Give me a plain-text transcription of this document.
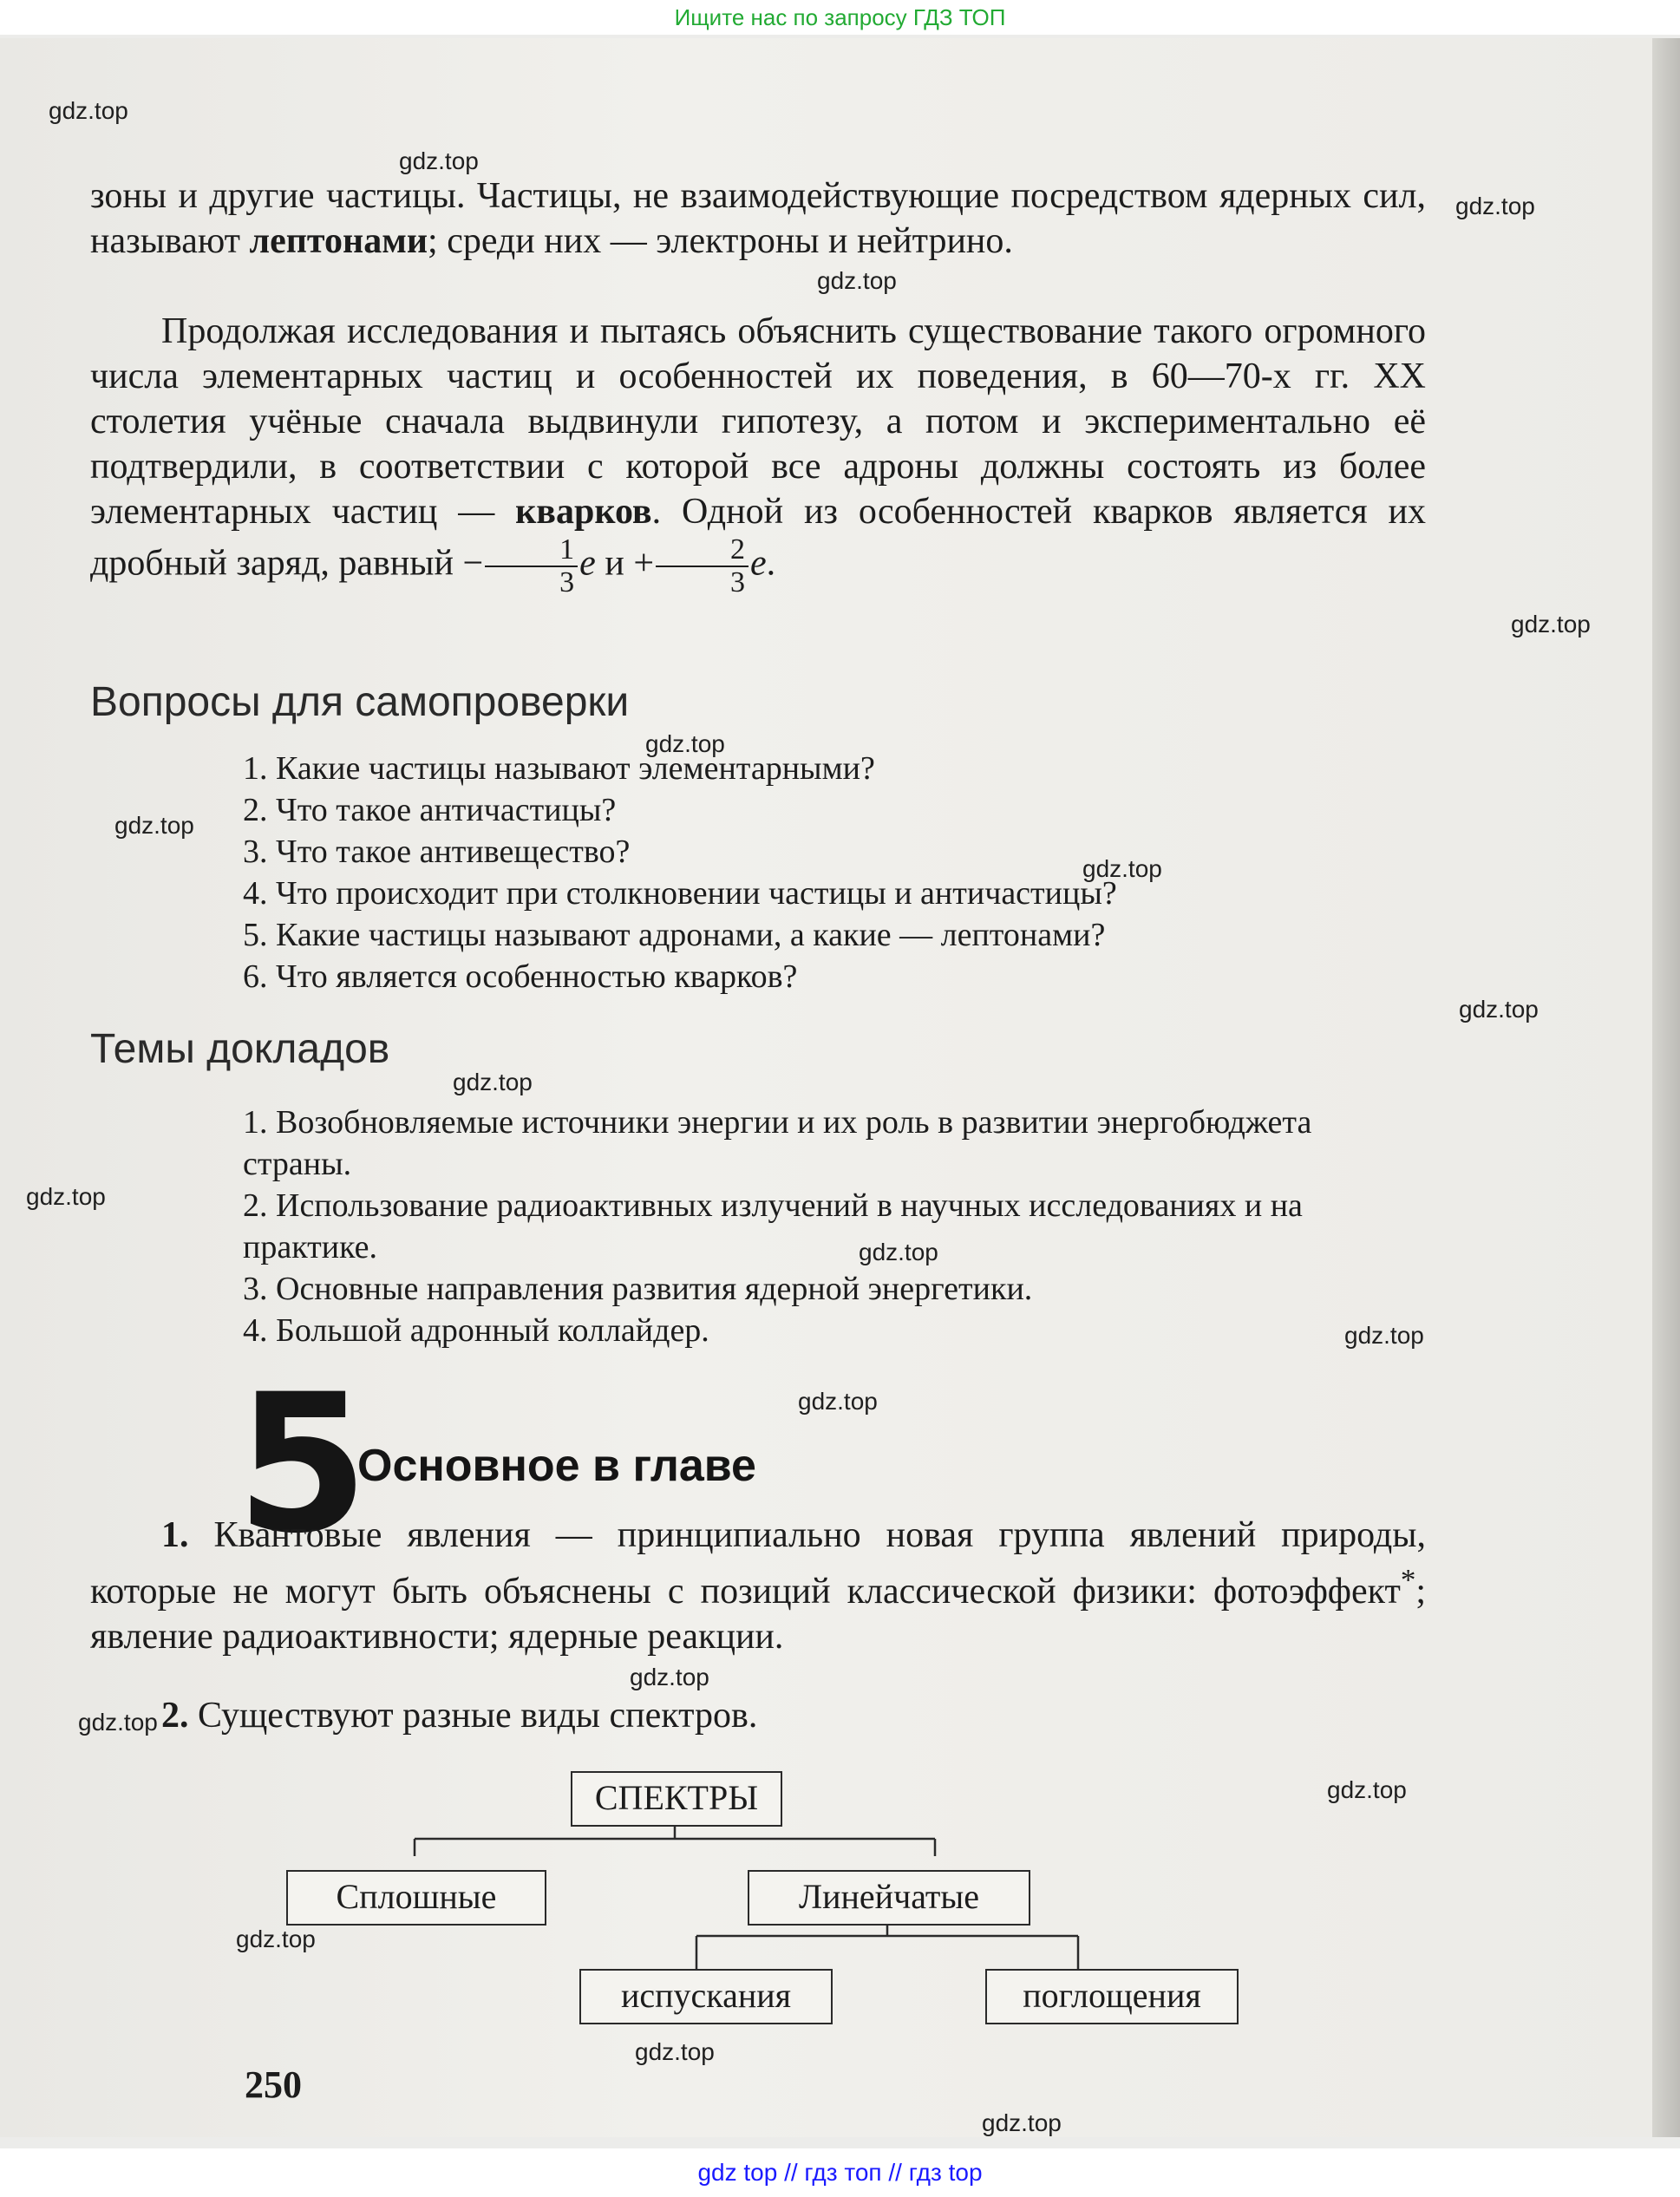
Ищите нас по запросу ГДЗ ТОП

зоны и другие частицы. Частицы, не взаимодействующие посредством ядерных сил, называют лептонами; среди них — электроны и нейтрино.

Продолжая исследования и пытаясь объяснить существование такого огромного числа элементарных частиц и особенностей их поведения, в 60—70-х гг. XX столетия учёные сначала выдвинули гипотезу, а потом и экспериментально её подтвердили, в соответствии с которой все адроны должны состоять из более элементарных частиц — кварков. Одной из особенностей кварков является их дробный заряд, равный − $\frac{1}{3}$ e $и + \frac{2}{3} e$.

Вопросы для самопроверки
1. Какие частицы называют элементарными?
2. Что такое античастицы?
3. Что такое антивещество?
4. Что происходит при столкновении частицы и античастицы?
5. Какие частицы называют адронами, а какие — лептонами?
6. Что является особенностью кварков?
Темы докладов
1. Возобновляемые источники энергии и их роль в развитии энергобюджета страны.
2. Использование радиоактивных излучений в научных исследованиях и на практике.
3. Основные направления развития ядерной энергетики.
4. Большой адронный коллайдер.
5
Основное в главе

1. Квантовые явления — принципиально новая группа явлений природы, которые не могут быть объяснены с позиций классической физики: фотоэффект*; явление радиоактивности; ядерные реакции.

2. Существуют разные виды спектров.

СПЕКТРЫ
Сплошные	Линейчатые
испускания	поглощения
250
gdz.top
gdz.top
gdz.top
gdz.top
gdz.top
gdz.top
gdz.top
gdz.top
gdz.top
gdz.top
gdz.top
gdz.top
gdz.top
gdz.top
gdz.top
gdz.top
gdz.top
gdz.top
gdz.top
gdz.top
gdz top // гдз топ // гдз top
